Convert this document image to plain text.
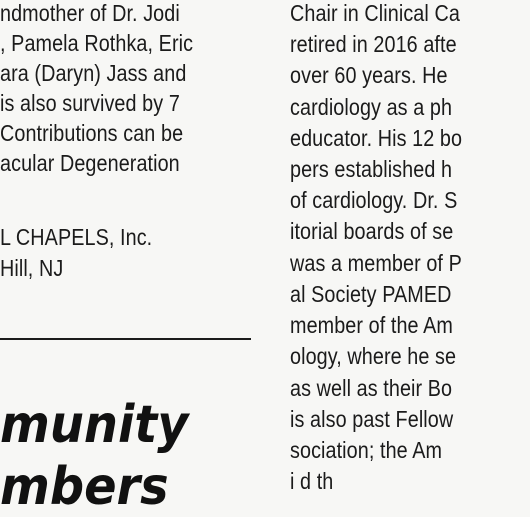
ndmother of Dr. Jodi
, Pamela Rothka, Eric
ara (Daryn) Jass and
is also survived by 7
Contributions can be
acular Degeneration
L CHAPELS, Inc.
Hill, NJ
munity
mbers
Chair in Clinical Ca
retired in 2016 afte
over 60 years. He
cardiology as a ph
educator. His 12 bo
pers established h
of cardiology. Dr. S
itorial boards of se
was a member of P
al Society PAMED
member of the Am
ology, where he se
as well as their Bo
is also past Fellow
sociation; the Am
i d th
